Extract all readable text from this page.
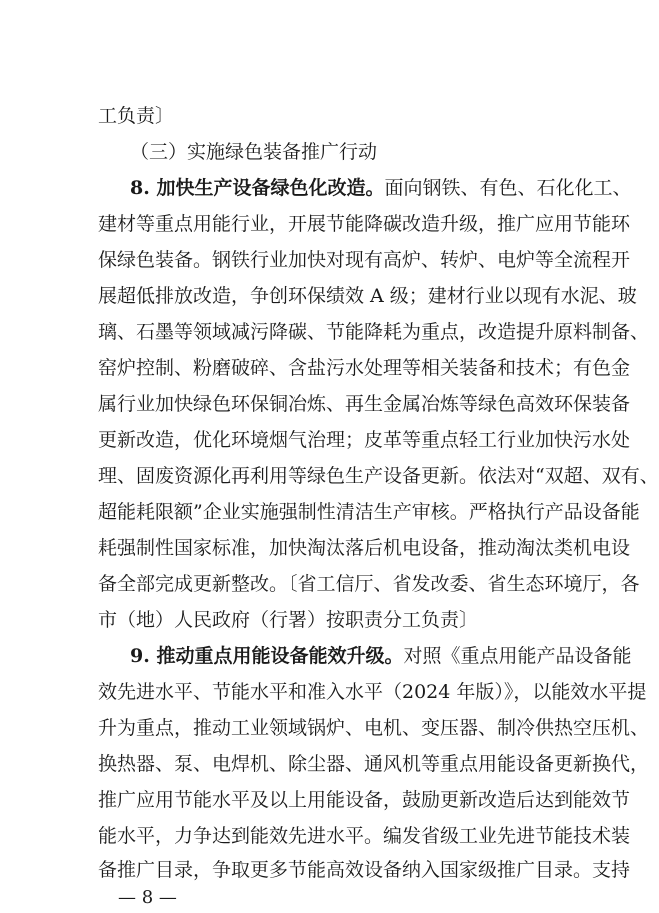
工负责〕
（三）实施绿色装备推广行动
8. 加快生产设备绿色化改造。面向钢铁、有色、石化化工、
建材等重点用能行业，开展节能降碳改造升级，推广应用节能环
保绿色装备。钢铁行业加快对现有高炉、转炉、电炉等全流程开
展超低排放改造，争创环保绩效 A 级；建材行业以现有水泥、玻
璃、石墨等领域减污降碳、节能降耗为重点，改造提升原料制备、
窑炉控制、粉磨破碎、含盐污水处理等相关装备和技术；有色金
属行业加快绿色环保铜冶炼、再生金属冶炼等绿色高效环保装备
更新改造，优化环境烟气治理；皮革等重点轻工行业加快污水处
理、固废资源化再利用等绿色生产设备更新。依法对“双超、双有、
超能耗限额”企业实施强制性清洁生产审核。严格执行产品设备能
耗强制性国家标准，加快淘汰落后机电设备，推动淘汰类机电设
备全部完成更新整改。〔省工信厅、省发改委、省生态环境厅，各
市（地）人民政府（行署）按职责分工负责〕
9. 推动重点用能设备能效升级。对照《重点用能产品设备能
效先进水平、节能水平和准入水平（2024 年版）》，以能效水平提
升为重点，推动工业领域锅炉、电机、变压器、制冷供热空压机、
换热器、泵、电焊机、除尘器、通风机等重点用能设备更新换代，
推广应用节能水平及以上用能设备，鼓励更新改造后达到能效节
能水平，力争达到能效先进水平。编发省级工业先进节能技术装
备推广目录，争取更多节能高效设备纳入国家级推广目录。支持
— 8 —
